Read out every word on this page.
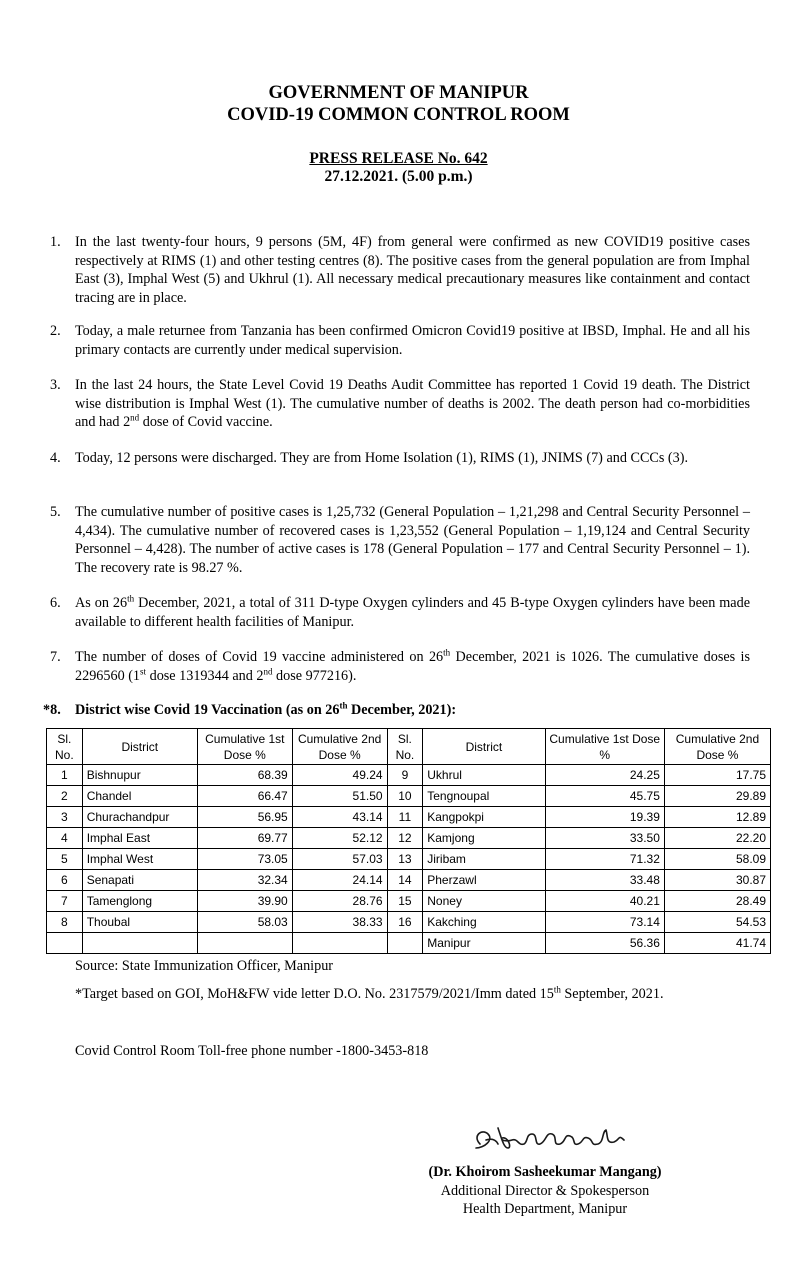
GOVERNMENT OF MANIPUR
COVID-19 COMMON CONTROL ROOM
PRESS RELEASE No. 642
27.12.2021. (5.00 p.m.)
1.	In the last twenty-four hours, 9 persons (5M, 4F) from general were confirmed as new COVID19 positive cases respectively at RIMS (1) and other testing centres (8). The positive cases from the general population are from Imphal East (3), Imphal West (5) and Ukhrul (1). All necessary medical precautionary measures like containment and contact tracing are in place.
2.	Today, a male returnee from Tanzania has been confirmed Omicron Covid19 positive at IBSD, Imphal. He and all his primary contacts are currently under medical supervision.
3.	In the last 24 hours, the State Level Covid 19 Deaths Audit Committee has reported 1 Covid 19 death. The District wise distribution is Imphal West (1). The cumulative number of deaths is 2002. The death person had co-morbidities and had 2nd dose of Covid vaccine.
4.	Today, 12 persons were discharged. They are from Home Isolation (1), RIMS (1), JNIMS (7) and CCCs (3).
5.	The cumulative number of positive cases is 1,25,732 (General Population – 1,21,298 and Central Security Personnel – 4,434). The cumulative number of recovered cases is 1,23,552 (General Population – 1,19,124 and Central Security Personnel – 4,428). The number of active cases is 178 (General Population – 177 and Central Security Personnel – 1). The recovery rate is 98.27 %.
6.	As on 26th December, 2021, a total of 311 D-type Oxygen cylinders and 45 B-type Oxygen cylinders have been made available to different health facilities of Manipur.
7.	The number of doses of Covid 19 vaccine administered on 26th December, 2021 is 1026. The cumulative doses is 2296560 (1st dose 1319344 and 2nd dose 977216).
*8. District wise Covid 19 Vaccination (as on 26th December, 2021):
Sl. No.	District	Cumulative 1st Dose %	Cumulative 2nd Dose %	Sl. No.	District	Cumulative 1st Dose %	Cumulative 2nd Dose %
1	Bishnupur	68.39	49.24	9	Ukhrul	24.25	17.75
2	Chandel	66.47	51.50	10	Tengnoupal	45.75	29.89
3	Churachandpur	56.95	43.14	11	Kangpokpi	19.39	12.89
4	Imphal East	69.77	52.12	12	Kamjong	33.50	22.20
5	Imphal West	73.05	57.03	13	Jiribam	71.32	58.09
6	Senapati	32.34	24.14	14	Pherzawl	33.48	30.87
7	Tamenglong	39.90	28.76	15	Noney	40.21	28.49
8	Thoubal	58.03	38.33	16	Kakching	73.14	54.53
					Manipur	56.36	41.74
Source: State Immunization Officer, Manipur
*Target based on GOI, MoH&FW vide letter D.O. No. 2317579/2021/Imm dated 15th September, 2021.
Covid Control Room Toll-free phone number -1800-3453-818
(Dr. Khoirom Sasheekumar Mangang)
Additional Director & Spokesperson
Health Department, Manipur
